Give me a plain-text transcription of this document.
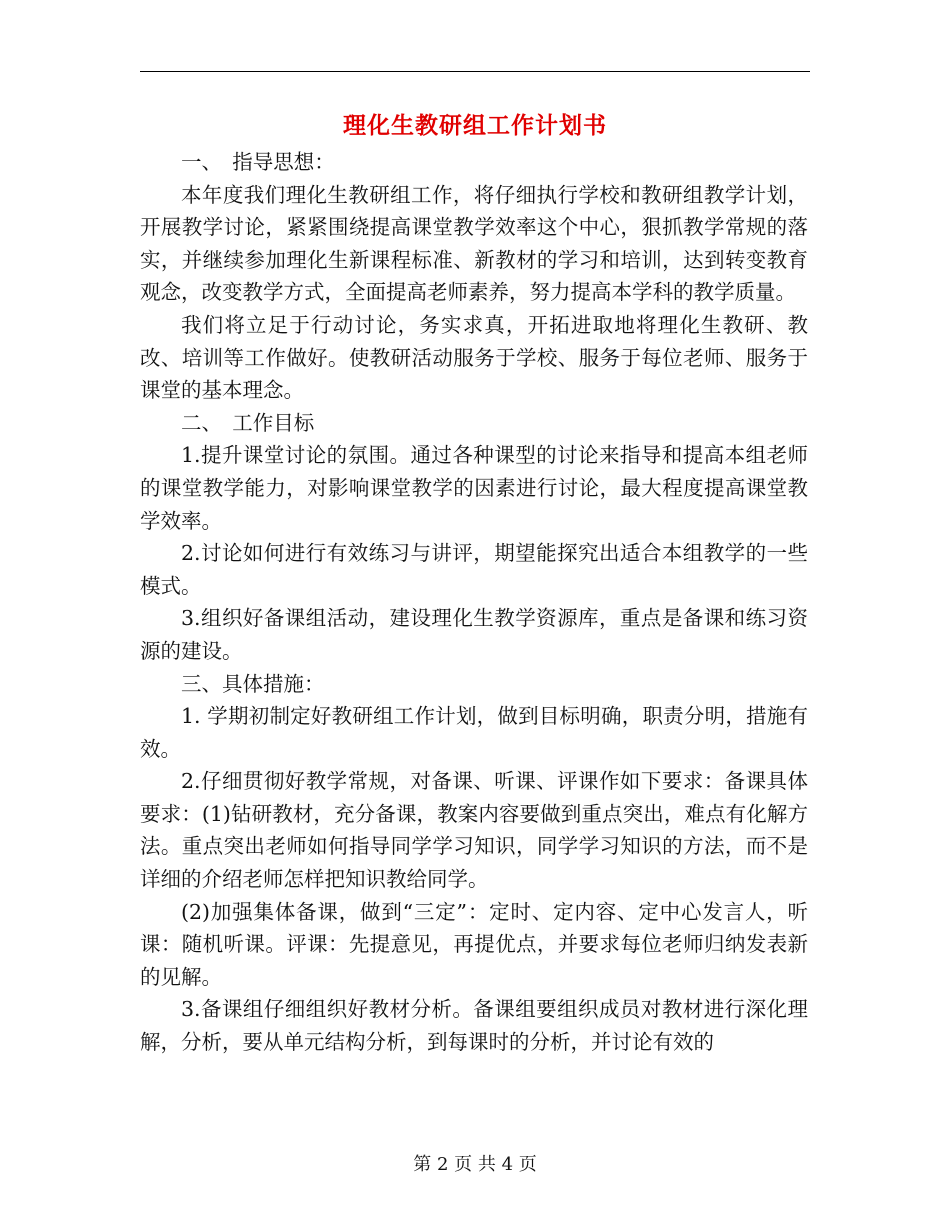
理化生教研组工作计划书

一、　指导思想：

本年度我们理化生教研组工作，将仔细执行学校和教研组教学计划，开展教学讨论，紧紧围绕提高课堂教学效率这个中心，狠抓教学常规的落实，并继续参加理化生新课程标准、新教材的学习和培训，达到转变教育观念，改变教学方式，全面提高老师素养，努力提高本学科的教学质量。

我们将立足于行动讨论，务实求真，开拓进取地将理化生教研、教改、培训等工作做好。使教研活动服务于学校、服务于每位老师、服务于课堂的基本理念。

二、　工作目标

1.提升课堂讨论的氛围。通过各种课型的讨论来指导和提高本组老师的课堂教学能力，对影响课堂教学的因素进行讨论，最大程度提高课堂教学效率。

2.讨论如何进行有效练习与讲评，期望能探究出适合本组教学的一些模式。

3.组织好备课组活动，建设理化生教学资源库，重点是备课和练习资源的建设。

三、具体措施：

1. 学期初制定好教研组工作计划，做到目标明确，职责分明，措施有效。

2.仔细贯彻好教学常规，对备课、听课、评课作如下要求：备课具体要求：(1)钻研教材，充分备课，教案内容要做到重点突出，难点有化解方法。重点突出老师如何指导同学学习知识，同学学习知识的方法，而不是详细的介绍老师怎样把知识教给同学。

(2)加强集体备课，做到“三定”：定时、定内容、定中心发言人，听课：随机听课。评课：先提意见，再提优点，并要求每位老师归纳发表新的见解。

3.备课组仔细组织好教材分析。备课组要组织成员对教材进行深化理解，分析，要从单元结构分析，到每课时的分析，并讨论有效的

第 2 页 共 4 页
